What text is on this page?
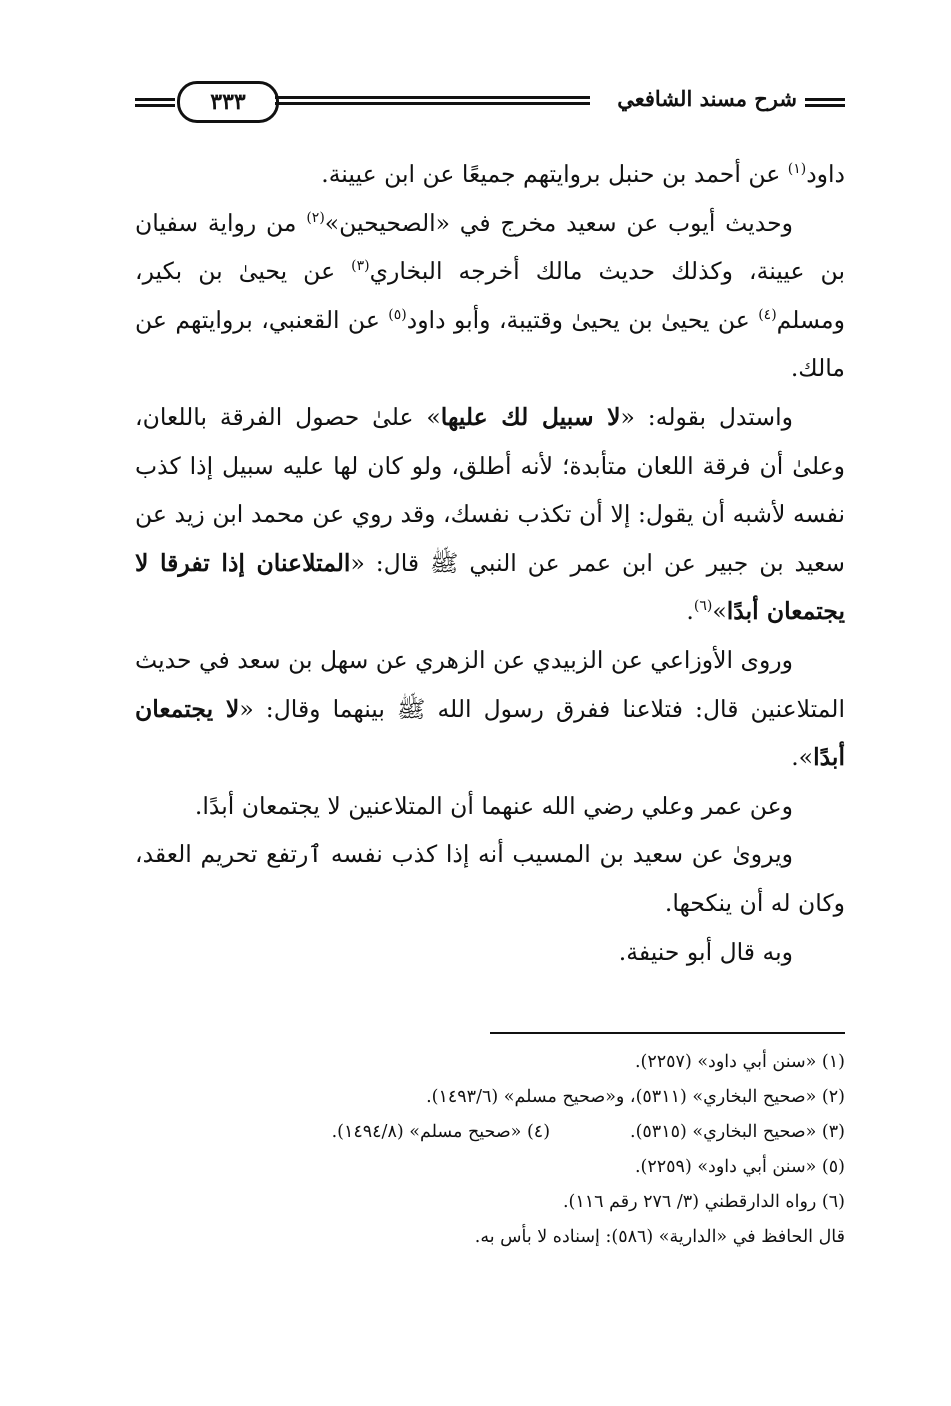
شرح مسند الشافعي
٣٣٣

داود$^{(١)}$ عن أحمد بن حنبل بروايتهم جميعًا عن ابن عيينة.

وحديث أيوب عن سعيد مخرج في «الصحيحين»$^{(٢)}$ من رواية سفيان بن عيينة، وكذلك حديث مالك أخرجه البخاري$^{(٣)}$ عن يحيىٰ بن بكير، ومسلم$^{(٤)}$ عن يحيىٰ بن يحيىٰ وقتيبة، وأبو داود$^{(٥)}$ عن القعنبي، بروايتهم عن مالك.

واستدل بقوله: «لا سبيل لك عليها» علىٰ حصول الفرقة باللعان، وعلىٰ أن فرقة اللعان متأبدة؛ لأنه أطلق، ولو كان لها عليه سبيل إذا كذب نفسه لأشبه أن يقول: إلا أن تكذب نفسك، وقد روي عن محمد ابن زيد عن سعيد بن جبير عن ابن عمر عن النبي ﷺ قال: «المتلاعنان إذا تفرقا لا يجتمعان أبدًا»$^{(٦)}$.

وروى الأوزاعي عن الزبيدي عن الزهري عن سهل بن سعد في حديث المتلاعنين قال: فتلاعنا ففرق رسول الله ﷺ بينهما وقال: «لا يجتمعان أبدًا».

وعن عمر وعلي رضي الله عنهما أن المتلاعنين لا يجتمعان أبدًا.

ويروىٰ عن سعيد بن المسيب أنه إذا كذب نفسه ٱرتفع تحريم العقد، وكان له أن ينكحها.

وبه قال أبو حنيفة.

(١) «سنن أبي داود» (٢٢٥٧).
(٢) «صحيح البخاري» (٥٣١١)، و«صحيح مسلم» (١٤٩٣/٦).
(٣) «صحيح البخاري» (٥٣١٥).
(٤) «صحيح مسلم» (١٤٩٤/٨).
(٥) «سنن أبي داود» (٢٢٥٩).
(٦) رواه الدارقطني (٣/ ٢٧٦ رقم ١١٦).
قال الحافظ في «الدارية» (٥٨٦): إسناده لا بأس به.
